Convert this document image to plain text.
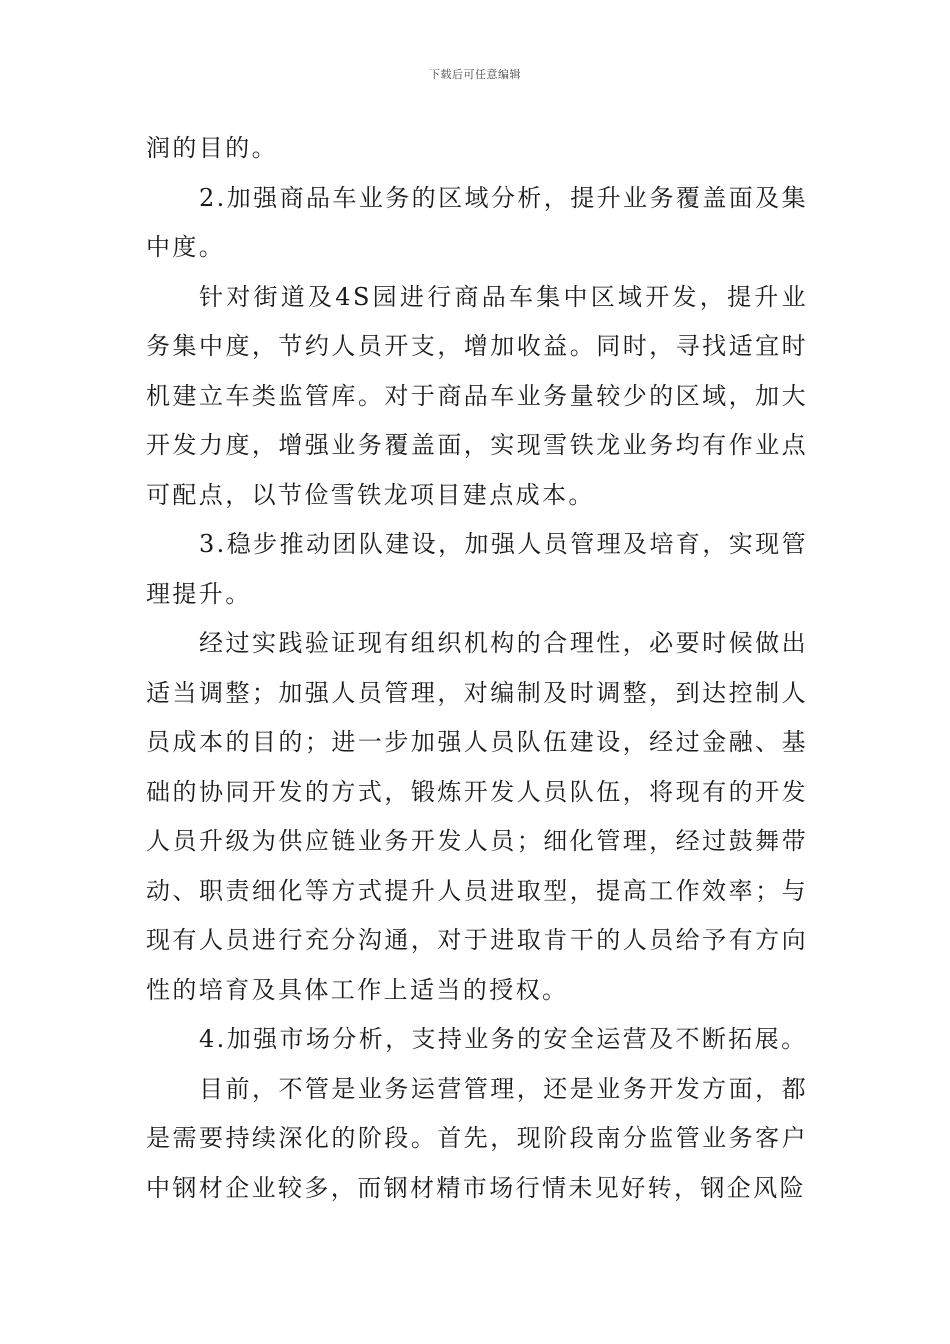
下载后可任意编辑

润的目的。

2.加强商品车业务的区域分析，提升业务覆盖面及集中度。

针对街道及4S园进行商品车集中区域开发，提升业务集中度，节约人员开支，增加收益。同时，寻找适宜时机建立车类监管库。对于商品车业务量较少的区域，加大开发力度，增强业务覆盖面，实现雪铁龙业务均有作业点可配点，以节俭雪铁龙项目建点成本。

3.稳步推动团队建设，加强人员管理及培育，实现管理提升。

经过实践验证现有组织机构的合理性，必要时候做出适当调整；加强人员管理，对编制及时调整，到达控制人员成本的目的；进一步加强人员队伍建设，经过金融、基础的协同开发的方式，锻炼开发人员队伍，将现有的开发人员升级为供应链业务开发人员；细化管理，经过鼓舞带动、职责细化等方式提升人员进取型，提高工作效率；与现有人员进行充分沟通，对于进取肯干的人员给予有方向性的培育及具体工作上适当的授权。

4.加强市场分析，支持业务的安全运营及不断拓展。

目前，不管是业务运营管理，还是业务开发方面，都是需要持续深化的阶段。首先，现阶段南分监管业务客户中钢材企业较多，而钢材精市场行情未见好转，钢企风险
